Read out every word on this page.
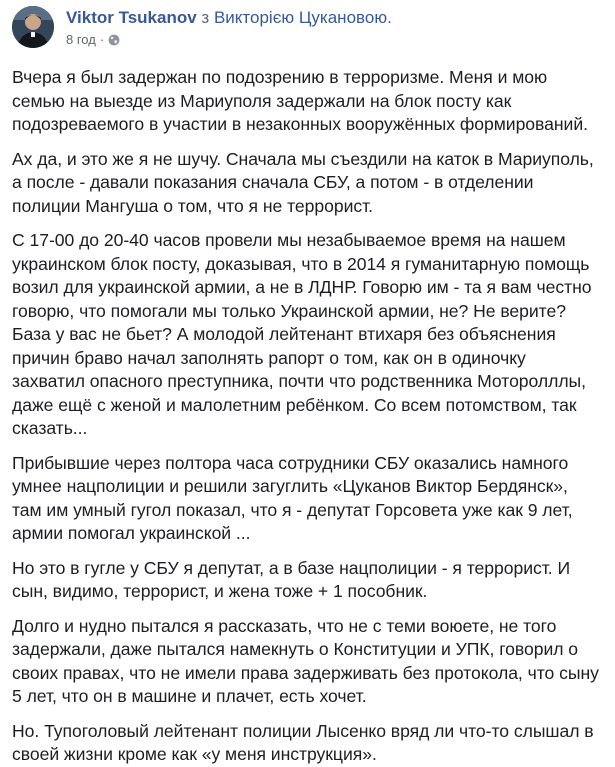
Viktor Tsukanov з Викторією Цукановою.
8 год ·

Вчера я был задержан по подозрению в терроризме. Меня и мою семью на выезде из Мариуполя задержали на блок посту как подозреваемого в участии в незаконных вооружённых формирований.

Ах да, и это же я не шучу. Сначала мы съездили на каток в Мариуполь, а после - давали показания сначала СБУ, а потом - в отделении полиции Мангуша о том, что я не террорист.

С 17-00 до 20-40 часов провели мы незабываемое время на нашем украинском блок посту, доказывая, что в 2014 я гуманитарную помощь возил для украинской армии, а не в ЛДНР. Говорю им - та я вам честно говорю, что помогали мы только Украинской армии, не? Не верите? База у вас не бьет? А молодой лейтенант втихаря без объяснения причин браво начал заполнять рапорт о том, как он в одиночку захватил опасного преступника, почти что родственника Моторолллы, даже ещё с женой и малолетним ребёнком. Со всем потомством, так сказать...

Прибывшие через полтора часа сотрудники СБУ оказались намного умнее нацполиции и решили загуглить «Цуканов Виктор Бердянск», там им умный гугол показал, что я - депутат Горсовета уже как 9 лет, армии помогал украинской ...

Но это в гугле у СБУ я депутат, а в базе нацполиции - я террорист. И сын, видимо, террорист, и жена тоже + 1 пособник.

Долго и нудно пытался я рассказать, что не с теми воюете, не того задержали, даже пытался намекнуть о Конституции и УПК, говорил о своих правах, что не имели права задерживать без протокола, что сыну 5 лет, что он в машине и плачет, есть хочет.

Но. Тупоголовый лейтенант полиции Лысенко вряд ли что-то слышал в своей жизни кроме как «у меня инструкция».
